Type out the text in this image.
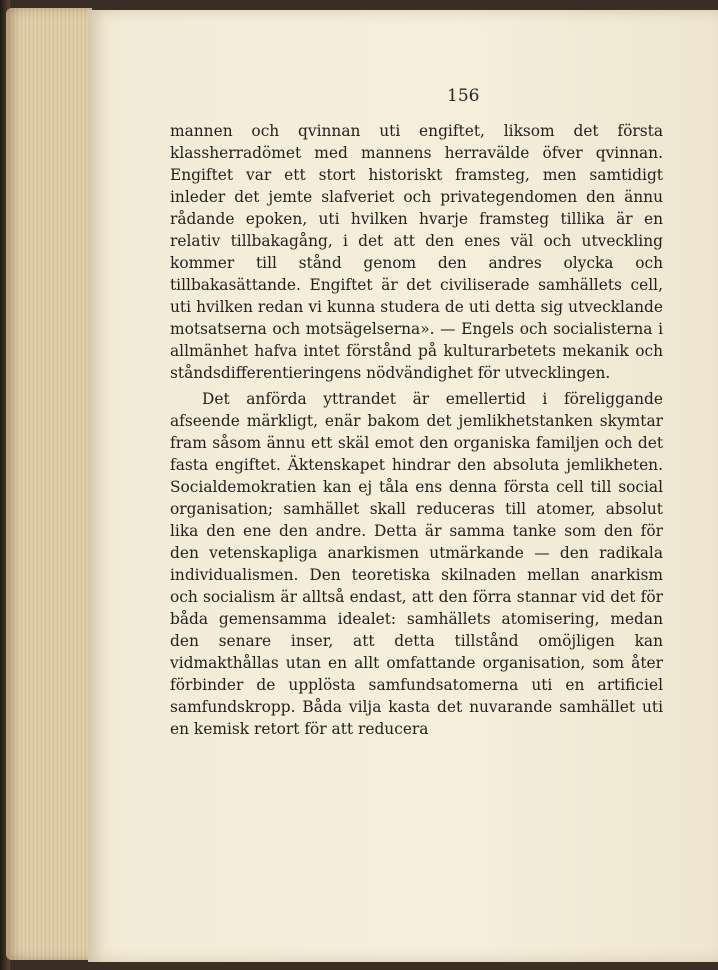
156

mannen och qvinnan uti engiftet, liksom det första klassherradömet med mannens herravälde öfver qvinnan. Engiftet var ett stort historiskt framsteg, men samtidigt inleder det jemte slafveriet och privategendomen den ännu rådande epoken, uti hvilken hvarje framsteg tillika är en relativ tillbakagång, i det att den enes väl och utveckling kommer till stånd genom den andres olycka och tillbakasättande. Engiftet är det civiliserade samhällets cell, uti hvilken redan vi kunna studera de uti detta sig utvecklande motsatserna och motsägelserna». — Engels och socialisterna i allmänhet hafva intet förstånd på kulturarbetets mekanik och ståndsdifferentieringens nödvändighet för utvecklingen.

Det anförda yttrandet är emellertid i föreliggande afseende märkligt, enär bakom det jemlikhetstanken skymtar fram såsom ännu ett skäl emot den organiska familjen och det fasta engiftet. Äktenskapet hindrar den absoluta jemlikheten. Socialdemokratien kan ej tåla ens denna första cell till social organisation; samhället skall reduceras till atomer, absolut lika den ene den andre. Detta är samma tanke som den för den vetenskapliga anarkismen utmärkande — den radikala individualismen. Den teoretiska skilnaden mellan anarkism och socialism är alltså endast, att den förra stannar vid det för båda gemensamma idealet: samhällets atomisering, medan den senare inser, att detta tillstånd omöjligen kan vidmakthållas utan en allt omfattande organisation, som åter förbinder de upplösta samfundsatomerna uti en artificiel samfundskropp. Båda vilja kasta det nuvarande samhället uti en kemisk retort för att reducera
